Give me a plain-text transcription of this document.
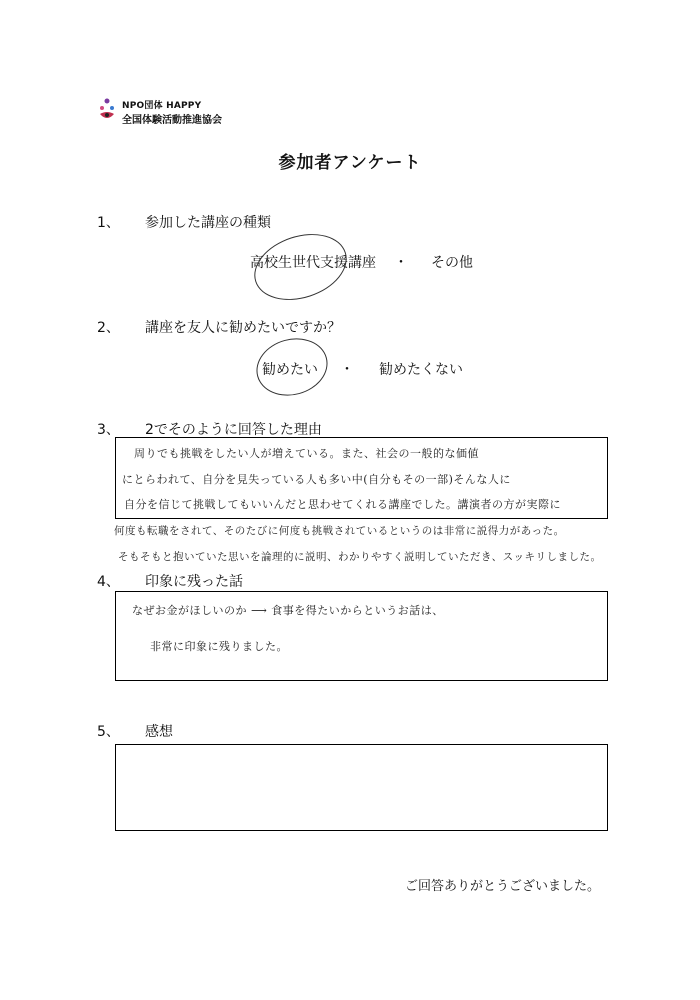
NPO団体 HAPPY
全国体験活動推進協会
参加者アンケート
1、 参加した講座の種類
高校生世代支援講座 ・ その他
2、 講座を友人に勧めたいですか？
勧めたい ・ 勧めたくない
3、 2でそのように回答した理由
周りでも挑戦をしたい人が増えている。また、社会の一般的な価値
にとらわれて、自分を見失っている人も多い中(自分もその一部)そんな人に
自分を信じて挑戦してもいいんだと思わせてくれる講座でした。講演者の方が実際に
何度も転職をされて、そのたびに何度も挑戦されているというのは非常に説得力があった。
そもそもと抱いていた思いを論理的に説明、わかりやすく説明していただき、スッキリしました。
4、 印象に残った話
なぜお金がほしいのか ⟶ 食事を得たいからというお話は、
非常に印象に残りました。
5、 感想
ご回答ありがとうございました。
